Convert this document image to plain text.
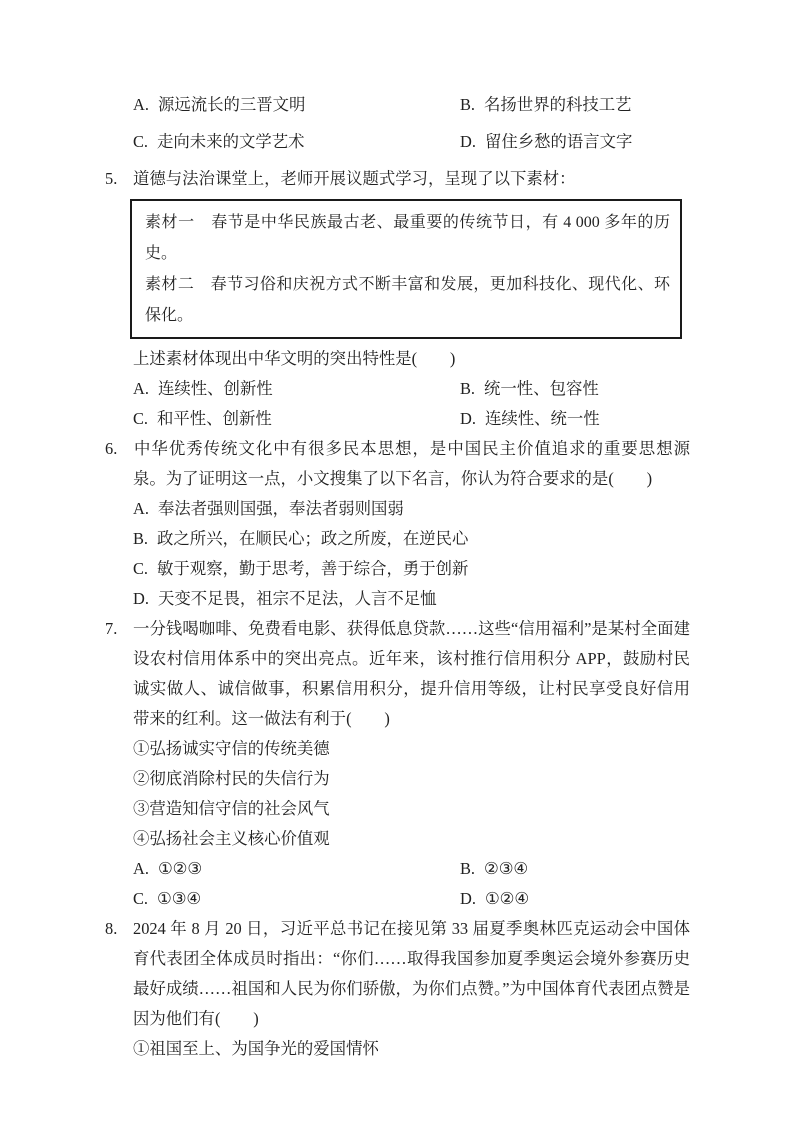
A. 源远流长的三晋文明	B. 名扬世界的科技工艺
C. 走向未来的文学艺术	D. 留住乡愁的语言文字

5. 道德与法治课堂上，老师开展议题式学习，呈现了以下素材：

素材一　春节是中华民族最古老、最重要的传统节日，有 4 000 多年的历史。

素材二　春节习俗和庆祝方式不断丰富和发展，更加科技化、现代化、环保化。

上述素材体现出中华文明的突出特性是(　　)

A. 连续性、创新性	B. 统一性、包容性
C. 和平性、创新性	D. 连续性、统一性

6. 中华优秀传统文化中有很多民本思想，是中国民主价值追求的重要思想源泉。为了证明这一点，小文搜集了以下名言，你认为符合要求的是(　　)

A. 奉法者强则国强，奉法者弱则国弱
B. 政之所兴，在顺民心；政之所废，在逆民心
C. 敏于观察，勤于思考，善于综合，勇于创新
D. 天变不足畏，祖宗不足法，人言不足恤

7. 一分钱喝咖啡、免费看电影、获得低息贷款……这些“信用福利”是某村全面建设农村信用体系中的突出亮点。近年来，该村推行信用积分 APP，鼓励村民诚实做人、诚信做事，积累信用积分，提升信用等级，让村民享受良好信用带来的红利。这一做法有利于(　　)

①弘扬诚实守信的传统美德

②彻底消除村民的失信行为

③营造知信守信的社会风气

④弘扬社会主义核心价值观

A. ①②③	B. ②③④
C. ①③④	D. ①②④

8. 2024 年 8 月 20 日，习近平总书记在接见第 33 届夏季奥林匹克运动会中国体育代表团全体成员时指出：“你们……取得我国参加夏季奥运会境外参赛历史最好成绩……祖国和人民为你们骄傲，为你们点赞。”为中国体育代表团点赞是因为他们有(　　)

①祖国至上、为国争光的爱国情怀
